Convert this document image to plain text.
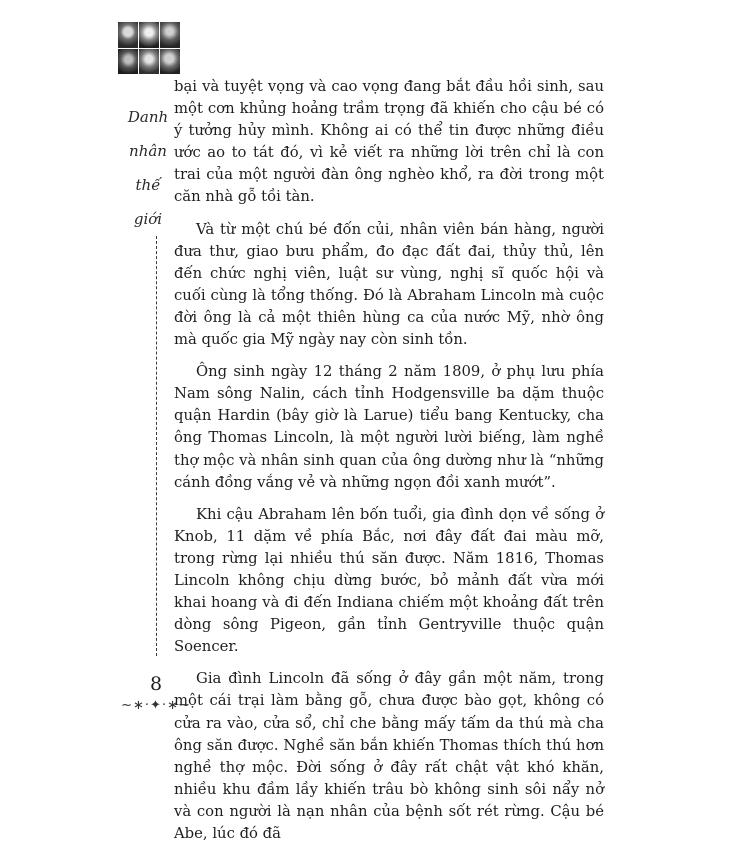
Danh
nhân
thế
giới

bại và tuyệt vọng và cao vọng đang bắt đầu hồi sinh, sau một cơn khủng hoảng trầm trọng đã khiến cho cậu bé có ý tưởng hủy mình. Không ai có thể tin được những điều ước ao to tát đó, vì kẻ viết ra những lời trên chỉ là con trai của một người đàn ông nghèo khổ, ra đời trong một căn nhà gỗ tồi tàn.

Và từ một chú bé đốn củi, nhân viên bán hàng, người đưa thư, giao bưu phẩm, đo đạc đất đai, thủy thủ, lên đến chức nghị viên, luật sư vùng, nghị sĩ quốc hội và cuối cùng là tổng thống. Đó là Abraham Lincoln mà cuộc đời ông là cả một thiên hùng ca của nước Mỹ, nhờ ông mà quốc gia Mỹ ngày nay còn sinh tồn.

Ông sinh ngày 12 tháng 2 năm 1809, ở phụ lưu phía Nam sông Nalin, cách tỉnh Hodgensville ba dặm thuộc quận Hardin (bây giờ là Larue) tiểu bang Kentucky, cha ông Thomas Lincoln, là một người lười biếng, làm nghề thợ mộc và nhân sinh quan của ông dường như là “những cánh đồng vắng vẻ và những ngọn đồi xanh mướt”.

Khi cậu Abraham lên bốn tuổi, gia đình dọn về sống ở Knob, 11 dặm về phía Bắc, nơi đây đất đai màu mỡ, trong rừng lại nhiều thú săn được. Năm 1816, Thomas Lincoln không chịu dừng bước, bỏ mảnh đất vừa mới khai hoang và đi đến Indiana chiếm một khoảng đất trên dòng sông Pigeon, gần tỉnh Gentryville thuộc quận Soencer.

Gia đình Lincoln đã sống ở đây gần một năm, trong một cái trại làm bằng gỗ, chưa được bào gọt, không có cửa ra vào, cửa sổ, chỉ che bằng mấy tấm da thú mà cha ông săn được. Nghề săn bắn khiến Thomas thích thú hơn nghề thợ mộc. Đời sống ở đây rất chật vật khó khăn, nhiều khu đầm lầy khiến trâu bò không sinh sôi nẩy nở và con người là nạn nhân của bệnh sốt rét rừng. Cậu bé Abe, lúc đó đã

8
~∗·✦·∗~
